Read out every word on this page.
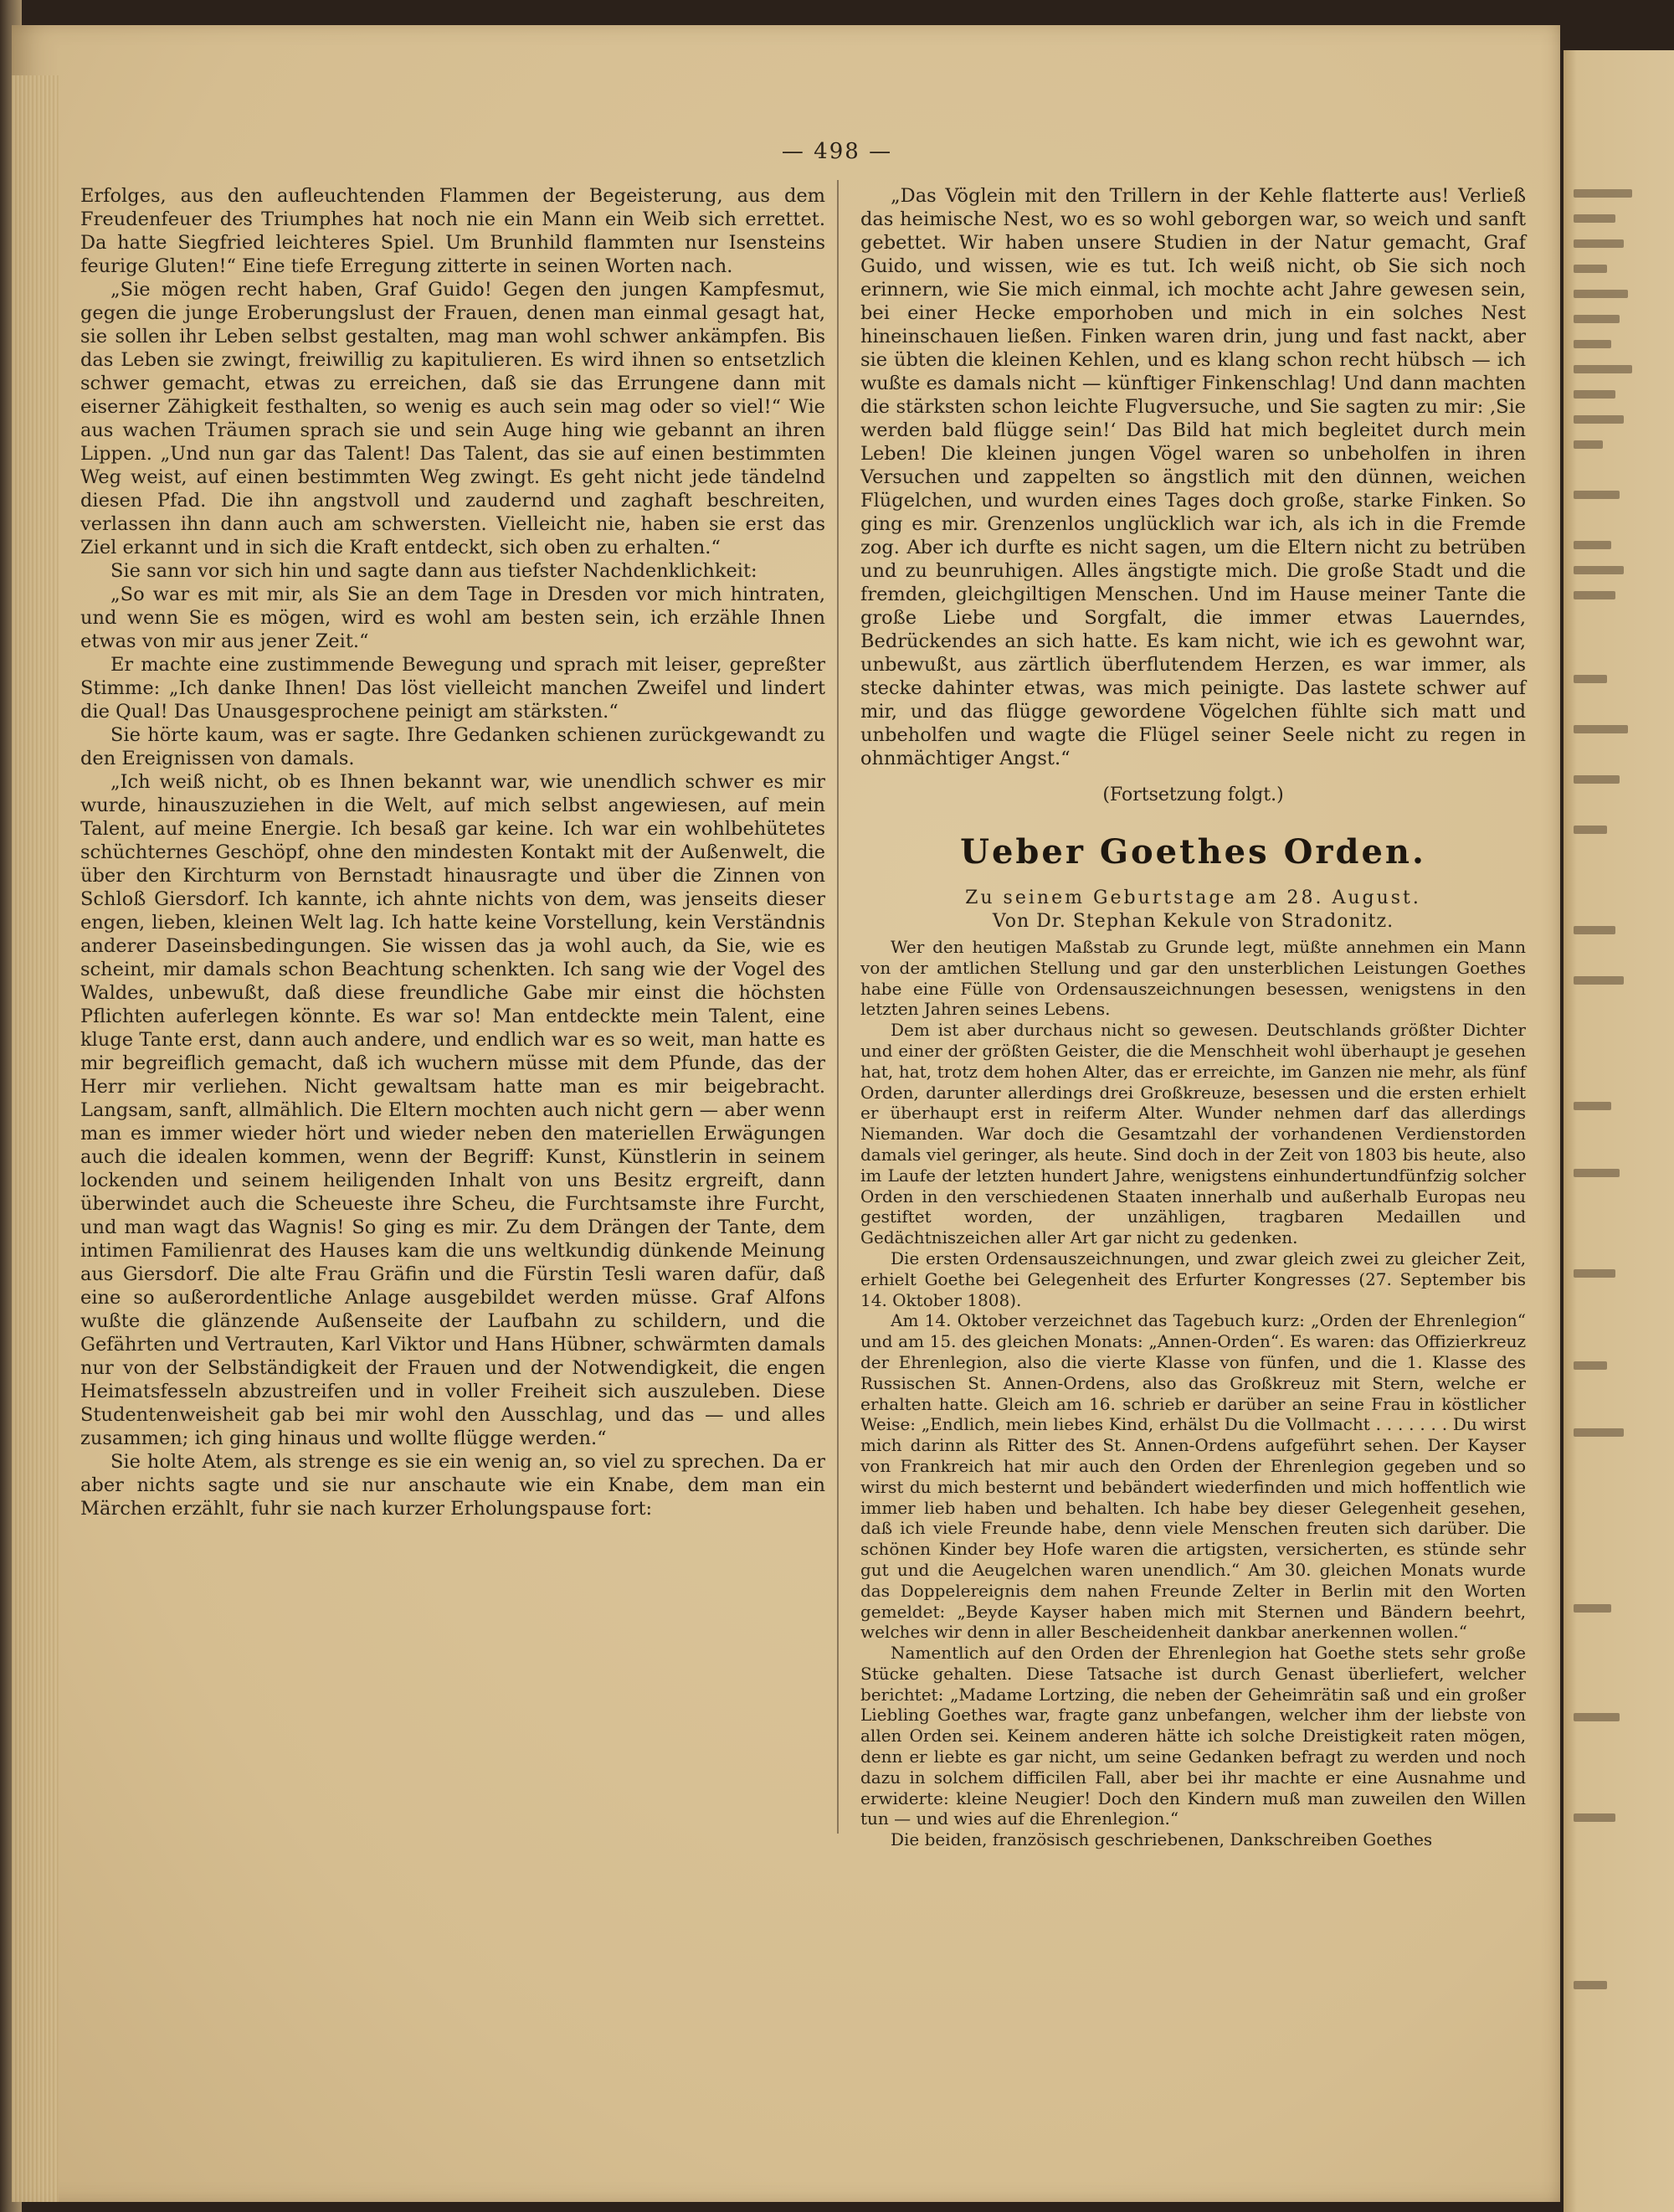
— 498 —

Erfolges, aus den aufleuchtenden Flammen der Begeisterung, aus dem Freudenfeuer des Triumphes hat noch nie ein Mann ein Weib sich errettet. Da hatte Siegfried leichteres Spiel. Um Brunhild flammten nur Isensteins feurige Gluten!“ Eine tiefe Erregung zitterte in seinen Worten nach.

„Sie mögen recht haben, Graf Guido! Gegen den jungen Kampfesmut, gegen die junge Eroberungslust der Frauen, denen man einmal gesagt hat, sie sollen ihr Leben selbst gestalten, mag man wohl schwer ankämpfen. Bis das Leben sie zwingt, freiwillig zu kapitulieren. Es wird ihnen so entsetzlich schwer gemacht, etwas zu erreichen, daß sie das Errungene dann mit eiserner Zähigkeit festhalten, so wenig es auch sein mag oder so viel!“ Wie aus wachen Träumen sprach sie und sein Auge hing wie gebannt an ihren Lippen. „Und nun gar das Talent! Das Talent, das sie auf einen bestimmten Weg weist, auf einen bestimmten Weg zwingt. Es geht nicht jede tändelnd diesen Pfad. Die ihn angstvoll und zaudernd und zaghaft beschreiten, verlassen ihn dann auch am schwersten. Vielleicht nie, haben sie erst das Ziel erkannt und in sich die Kraft entdeckt, sich oben zu erhalten.“

Sie sann vor sich hin und sagte dann aus tiefster Nachdenklichkeit:

„So war es mit mir, als Sie an dem Tage in Dresden vor mich hintraten, und wenn Sie es mögen, wird es wohl am besten sein, ich erzähle Ihnen etwas von mir aus jener Zeit.“

Er machte eine zustimmende Bewegung und sprach mit leiser, gepreßter Stimme: „Ich danke Ihnen! Das löst vielleicht manchen Zweifel und lindert die Qual! Das Unausgesprochene peinigt am stärksten.“

Sie hörte kaum, was er sagte. Ihre Gedanken schienen zurückgewandt zu den Ereignissen von damals.

„Ich weiß nicht, ob es Ihnen bekannt war, wie unendlich schwer es mir wurde, hinauszuziehen in die Welt, auf mich selbst angewiesen, auf mein Talent, auf meine Energie. Ich besaß gar keine. Ich war ein wohlbehütetes schüchternes Geschöpf, ohne den mindesten Kontakt mit der Außenwelt, die über den Kirchturm von Bernstadt hinausragte und über die Zinnen von Schloß Giersdorf. Ich kannte, ich ahnte nichts von dem, was jenseits dieser engen, lieben, kleinen Welt lag. Ich hatte keine Vorstellung, kein Verständnis anderer Daseinsbedingungen. Sie wissen das ja wohl auch, da Sie, wie es scheint, mir damals schon Beachtung schenkten. Ich sang wie der Vogel des Waldes, unbewußt, daß diese freundliche Gabe mir einst die höchsten Pflichten auferlegen könnte. Es war so! Man entdeckte mein Talent, eine kluge Tante erst, dann auch andere, und endlich war es so weit, man hatte es mir begreiflich gemacht, daß ich wuchern müsse mit dem Pfunde, das der Herr mir verliehen. Nicht gewaltsam hatte man es mir beigebracht. Langsam, sanft, allmählich. Die Eltern mochten auch nicht gern — aber wenn man es immer wieder hört und wieder neben den materiellen Erwägungen auch die idealen kommen, wenn der Begriff: Kunst, Künstlerin in seinem lockenden und seinem heiligenden Inhalt von uns Besitz ergreift, dann überwindet auch die Scheueste ihre Scheu, die Furchtsamste ihre Furcht, und man wagt das Wagnis! So ging es mir. Zu dem Drängen der Tante, dem intimen Familienrat des Hauses kam die uns weltkundig dünkende Meinung aus Giersdorf. Die alte Frau Gräfin und die Fürstin Tesli waren dafür, daß eine so außerordentliche Anlage ausgebildet werden müsse. Graf Alfons wußte die glänzende Außenseite der Laufbahn zu schildern, und die Gefährten und Vertrauten, Karl Viktor und Hans Hübner, schwärmten damals nur von der Selbständigkeit der Frauen und der Notwendigkeit, die engen Heimatsfesseln abzustreifen und in voller Freiheit sich auszuleben. Diese Studentenweisheit gab bei mir wohl den Ausschlag, und das — und alles zusammen; ich ging hinaus und wollte flügge werden.“

Sie holte Atem, als strenge es sie ein wenig an, so viel zu sprechen. Da er aber nichts sagte und sie nur anschaute wie ein Knabe, dem man ein Märchen erzählt, fuhr sie nach kurzer Erholungspause fort:

„Das Vöglein mit den Trillern in der Kehle flatterte aus! Verließ das heimische Nest, wo es so wohl geborgen war, so weich und sanft gebettet. Wir haben unsere Studien in der Natur gemacht, Graf Guido, und wissen, wie es tut. Ich weiß nicht, ob Sie sich noch erinnern, wie Sie mich einmal, ich mochte acht Jahre gewesen sein, bei einer Hecke emporhoben und mich in ein solches Nest hineinschauen ließen. Finken waren drin, jung und fast nackt, aber sie übten die kleinen Kehlen, und es klang schon recht hübsch — ich wußte es damals nicht — künftiger Finkenschlag! Und dann machten die stärksten schon leichte Flugversuche, und Sie sagten zu mir: ‚Sie werden bald flügge sein!‘ Das Bild hat mich begleitet durch mein Leben! Die kleinen jungen Vögel waren so unbeholfen in ihren Versuchen und zappelten so ängstlich mit den dünnen, weichen Flügelchen, und wurden eines Tages doch große, starke Finken. So ging es mir. Grenzenlos unglücklich war ich, als ich in die Fremde zog. Aber ich durfte es nicht sagen, um die Eltern nicht zu betrüben und zu beunruhigen. Alles ängstigte mich. Die große Stadt und die fremden, gleichgiltigen Menschen. Und im Hause meiner Tante die große Liebe und Sorgfalt, die immer etwas Lauerndes, Bedrückendes an sich hatte. Es kam nicht, wie ich es gewohnt war, unbewußt, aus zärtlich überflutendem Herzen, es war immer, als stecke dahinter etwas, was mich peinigte. Das lastete schwer auf mir, und das flügge gewordene Vögelchen fühlte sich matt und unbeholfen und wagte die Flügel seiner Seele nicht zu regen in ohnmächtiger Angst.“

(Fortsetzung folgt.)
Ueber Goethes Orden.
Zu seinem Geburtstage am 28. August.
Von Dr. Stephan Kekule von Stradonitz.

Wer den heutigen Maßstab zu Grunde legt, müßte annehmen ein Mann von der amtlichen Stellung und gar den unsterblichen Leistungen Goethes habe eine Fülle von Ordensauszeichnungen besessen, wenigstens in den letzten Jahren seines Lebens.

Dem ist aber durchaus nicht so gewesen. Deutschlands größter Dichter und einer der größten Geister, die die Menschheit wohl überhaupt je gesehen hat, hat, trotz dem hohen Alter, das er erreichte, im Ganzen nie mehr, als fünf Orden, darunter allerdings drei Großkreuze, besessen und die ersten erhielt er überhaupt erst in reiferm Alter. Wunder nehmen darf das allerdings Niemanden. War doch die Gesamtzahl der vorhandenen Verdienstorden damals viel geringer, als heute. Sind doch in der Zeit von 1803 bis heute, also im Laufe der letzten hundert Jahre, wenigstens einhundertundfünfzig solcher Orden in den verschiedenen Staaten innerhalb und außerhalb Europas neu gestiftet worden, der unzähligen, tragbaren Medaillen und Gedächtniszeichen aller Art gar nicht zu gedenken.

Die ersten Ordensauszeichnungen, und zwar gleich zwei zu gleicher Zeit, erhielt Goethe bei Gelegenheit des Erfurter Kongresses (27. September bis 14. Oktober 1808).

Am 14. Oktober verzeichnet das Tagebuch kurz: „Orden der Ehrenlegion“ und am 15. des gleichen Monats: „Annen-Orden“. Es waren: das Offizierkreuz der Ehrenlegion, also die vierte Klasse von fünfen, und die 1. Klasse des Russischen St. Annen-Ordens, also das Großkreuz mit Stern, welche er erhalten hatte. Gleich am 16. schrieb er darüber an seine Frau in köstlicher Weise: „Endlich, mein liebes Kind, erhälst Du die Vollmacht . . . . . . . Du wirst mich darinn als Ritter des St. Annen-Ordens aufgeführt sehen. Der Kayser von Frankreich hat mir auch den Orden der Ehrenlegion gegeben und so wirst du mich besternt und bebändert wiederfinden und mich hoffentlich wie immer lieb haben und behalten. Ich habe bey dieser Gelegenheit gesehen, daß ich viele Freunde habe, denn viele Menschen freuten sich darüber. Die schönen Kinder bey Hofe waren die artigsten, versicherten, es stünde sehr gut und die Aeugelchen waren unendlich.“ Am 30. gleichen Monats wurde das Doppelereignis dem nahen Freunde Zelter in Berlin mit den Worten gemeldet: „Beyde Kayser haben mich mit Sternen und Bändern beehrt, welches wir denn in aller Bescheidenheit dankbar anerkennen wollen.“

Namentlich auf den Orden der Ehrenlegion hat Goethe stets sehr große Stücke gehalten. Diese Tatsache ist durch Genast überliefert, welcher berichtet: „Madame Lortzing, die neben der Geheimrätin saß und ein großer Liebling Goethes war, fragte ganz unbefangen, welcher ihm der liebste von allen Orden sei. Keinem anderen hätte ich solche Dreistigkeit raten mögen, denn er liebte es gar nicht, um seine Gedanken befragt zu werden und noch dazu in solchem difficilen Fall, aber bei ihr machte er eine Ausnahme und erwiderte: kleine Neugier! Doch den Kindern muß man zuweilen den Willen tun — und wies auf die Ehrenlegion.“

Die beiden, französisch geschriebenen, Dankschreiben Goethes
